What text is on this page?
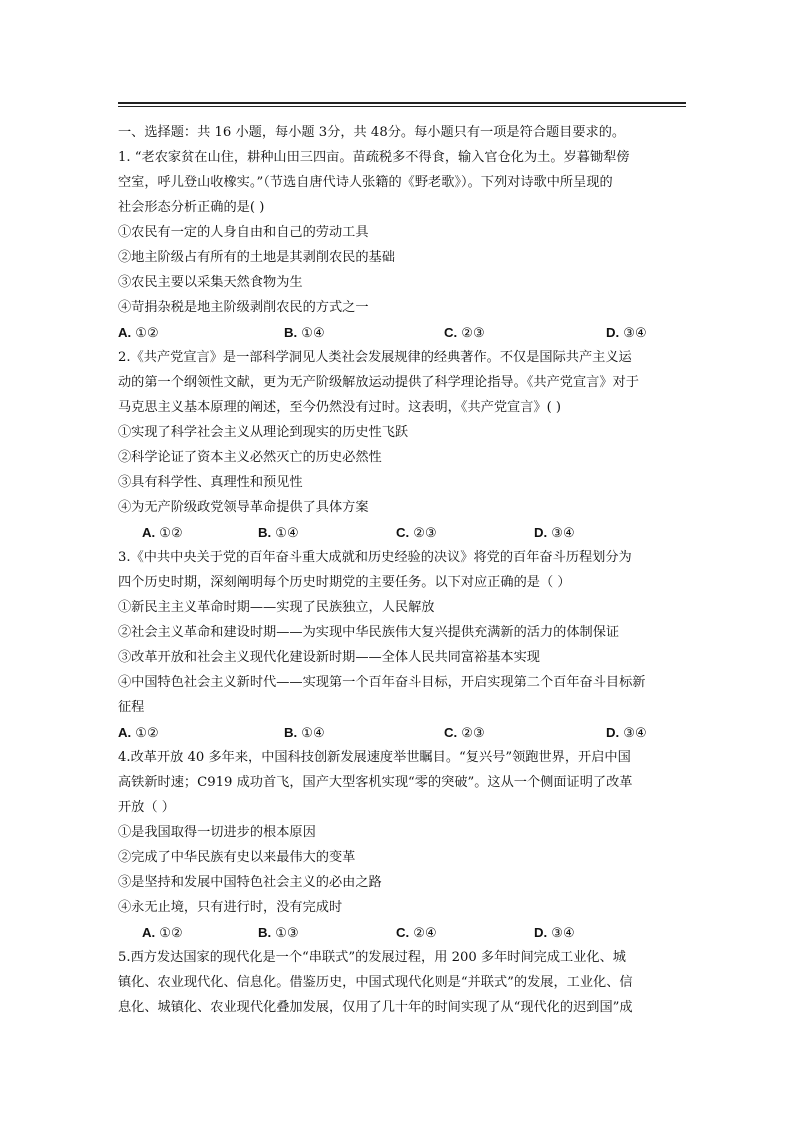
一、选择题：共 16 小题，每小题 3分，共 48分。每小题只有一项是符合题目要求的。
1. “老农家贫在山住，耕种山田三四亩。苗疏税多不得食，输入官仓化为土。岁暮锄犁傍
空室，呼儿登山收橡实。”（节选自唐代诗人张籍的《野老歌》）。下列对诗歌中所呈现的
社会形态分析正确的是( )
①农民有一定的人身自由和自己的劳动工具
②地主阶级占有所有的土地是其剥削农民的基础
③农民主要以采集天然食物为生
④苛捐杂税是地主阶级剥削农民的方式之一
A. ①②	B. ①④	C. ②③	D. ③④
2.《共产党宣言》是一部科学洞见人类社会发展规律的经典著作。不仅是国际共产主义运
动的第一个纲领性文献，更为无产阶级解放运动提供了科学理论指导。《共产党宣言》对于
马克思主义基本原理的阐述，至今仍然没有过时。这表明，《共产党宣言》( )
①实现了科学社会主义从理论到现实的历史性飞跃
②科学论证了资本主义必然灭亡的历史必然性
③具有科学性、真理性和预见性
④为无产阶级政党领导革命提供了具体方案
A. ①②	B. ①④	C. ②③	D. ③④
3.《中共中央关于党的百年奋斗重大成就和历史经验的决议》将党的百年奋斗历程划分为
四个历史时期，深刻阐明每个历史时期党的主要任务。以下对应正确的是（ ）
①新民主主义革命时期——实现了民族独立，人民解放
②社会主义革命和建设时期——为实现中华民族伟大复兴提供充满新的活力的体制保证
③改革开放和社会主义现代化建设新时期——全体人民共同富裕基本实现
④中国特色社会主义新时代——实现第一个百年奋斗目标，开启实现第二个百年奋斗目标新
征程
A. ①②	B. ①④	C. ②③	D. ③④
4.改革开放 40 多年来，中国科技创新发展速度举世瞩目。“复兴号”领跑世界，开启中国
高铁新时速；C919 成功首飞，国产大型客机实现“零的突破”。这从一个侧面证明了改革
开放（ ）
①是我国取得一切进步的根本原因
②完成了中华民族有史以来最伟大的变革
③是坚持和发展中国特色社会主义的必由之路
④永无止境，只有进行时，没有完成时
A. ①②	B. ①③	C. ②④	D. ③④
5.西方发达国家的现代化是一个“串联式”的发展过程，用 200 多年时间完成工业化、城
镇化、农业现代化、信息化。借鉴历史，中国式现代化则是“并联式”的发展，工业化、信
息化、城镇化、农业现代化叠加发展，仅用了几十年的时间实现了从“现代化的迟到国”成
